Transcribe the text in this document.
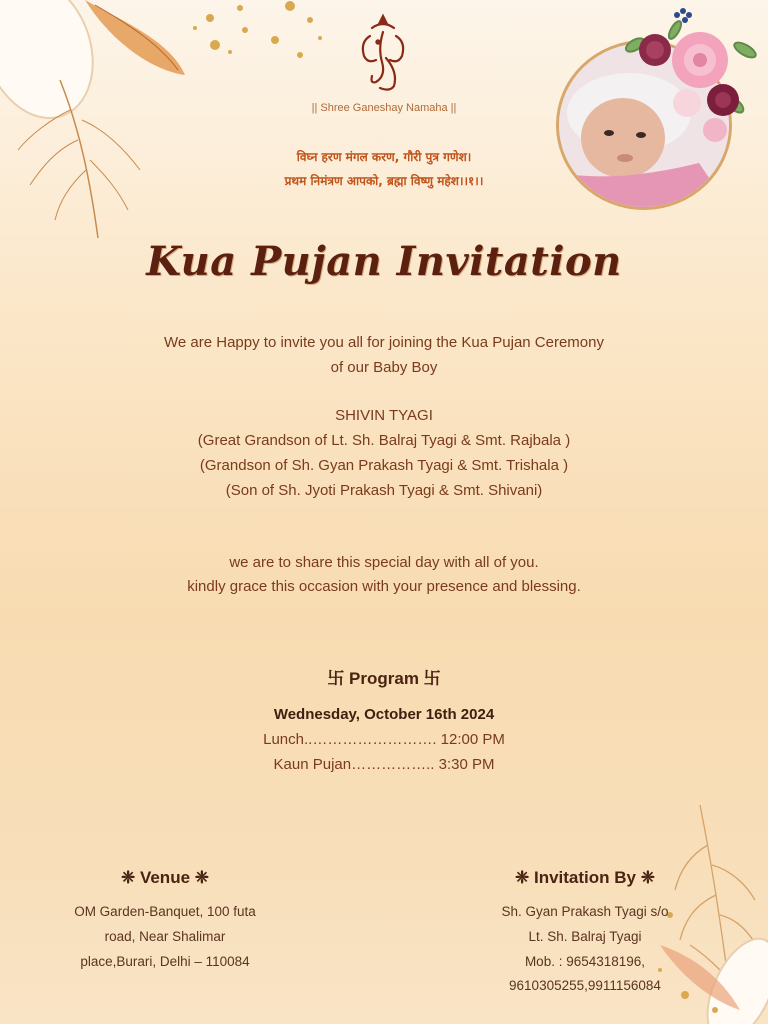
|| Shree Ganeshay Namaha ||
विघ्न हरण मंगल करण, गौरी पुत्र गणेश।
प्रथम निमंत्रण आपको, ब्रह्मा विष्णु महेश।।१।।
Kua Pujan Invitation
We are Happy to invite you all for joining the Kua Pujan Ceremony
of our Baby Boy
SHIVIN TYAGI
(Great Grandson of Lt. Sh. Balraj Tyagi & Smt. Rajbala )
(Grandson of Sh. Gyan Prakash Tyagi & Smt. Trishala )
(Son of Sh. Jyoti Prakash Tyagi & Smt. Shivani)
we are to share this special day with all of you.
kindly grace this occasion with your presence and blessing.
卐 Program 卐
Wednesday, October 16th 2024
Lunch..……………………. 12:00 PM
Kaun Pujan…………….. 3:30 PM
❈ Venue ❈
OM Garden-Banquet, 100 futa
road, Near Shalimar
place,Burari, Delhi – 110084
❈ Invitation By ❈
Sh. Gyan Prakash Tyagi s/o
Lt. Sh. Balraj Tyagi
Mob. : 9654318196,
9610305255,9911156084
